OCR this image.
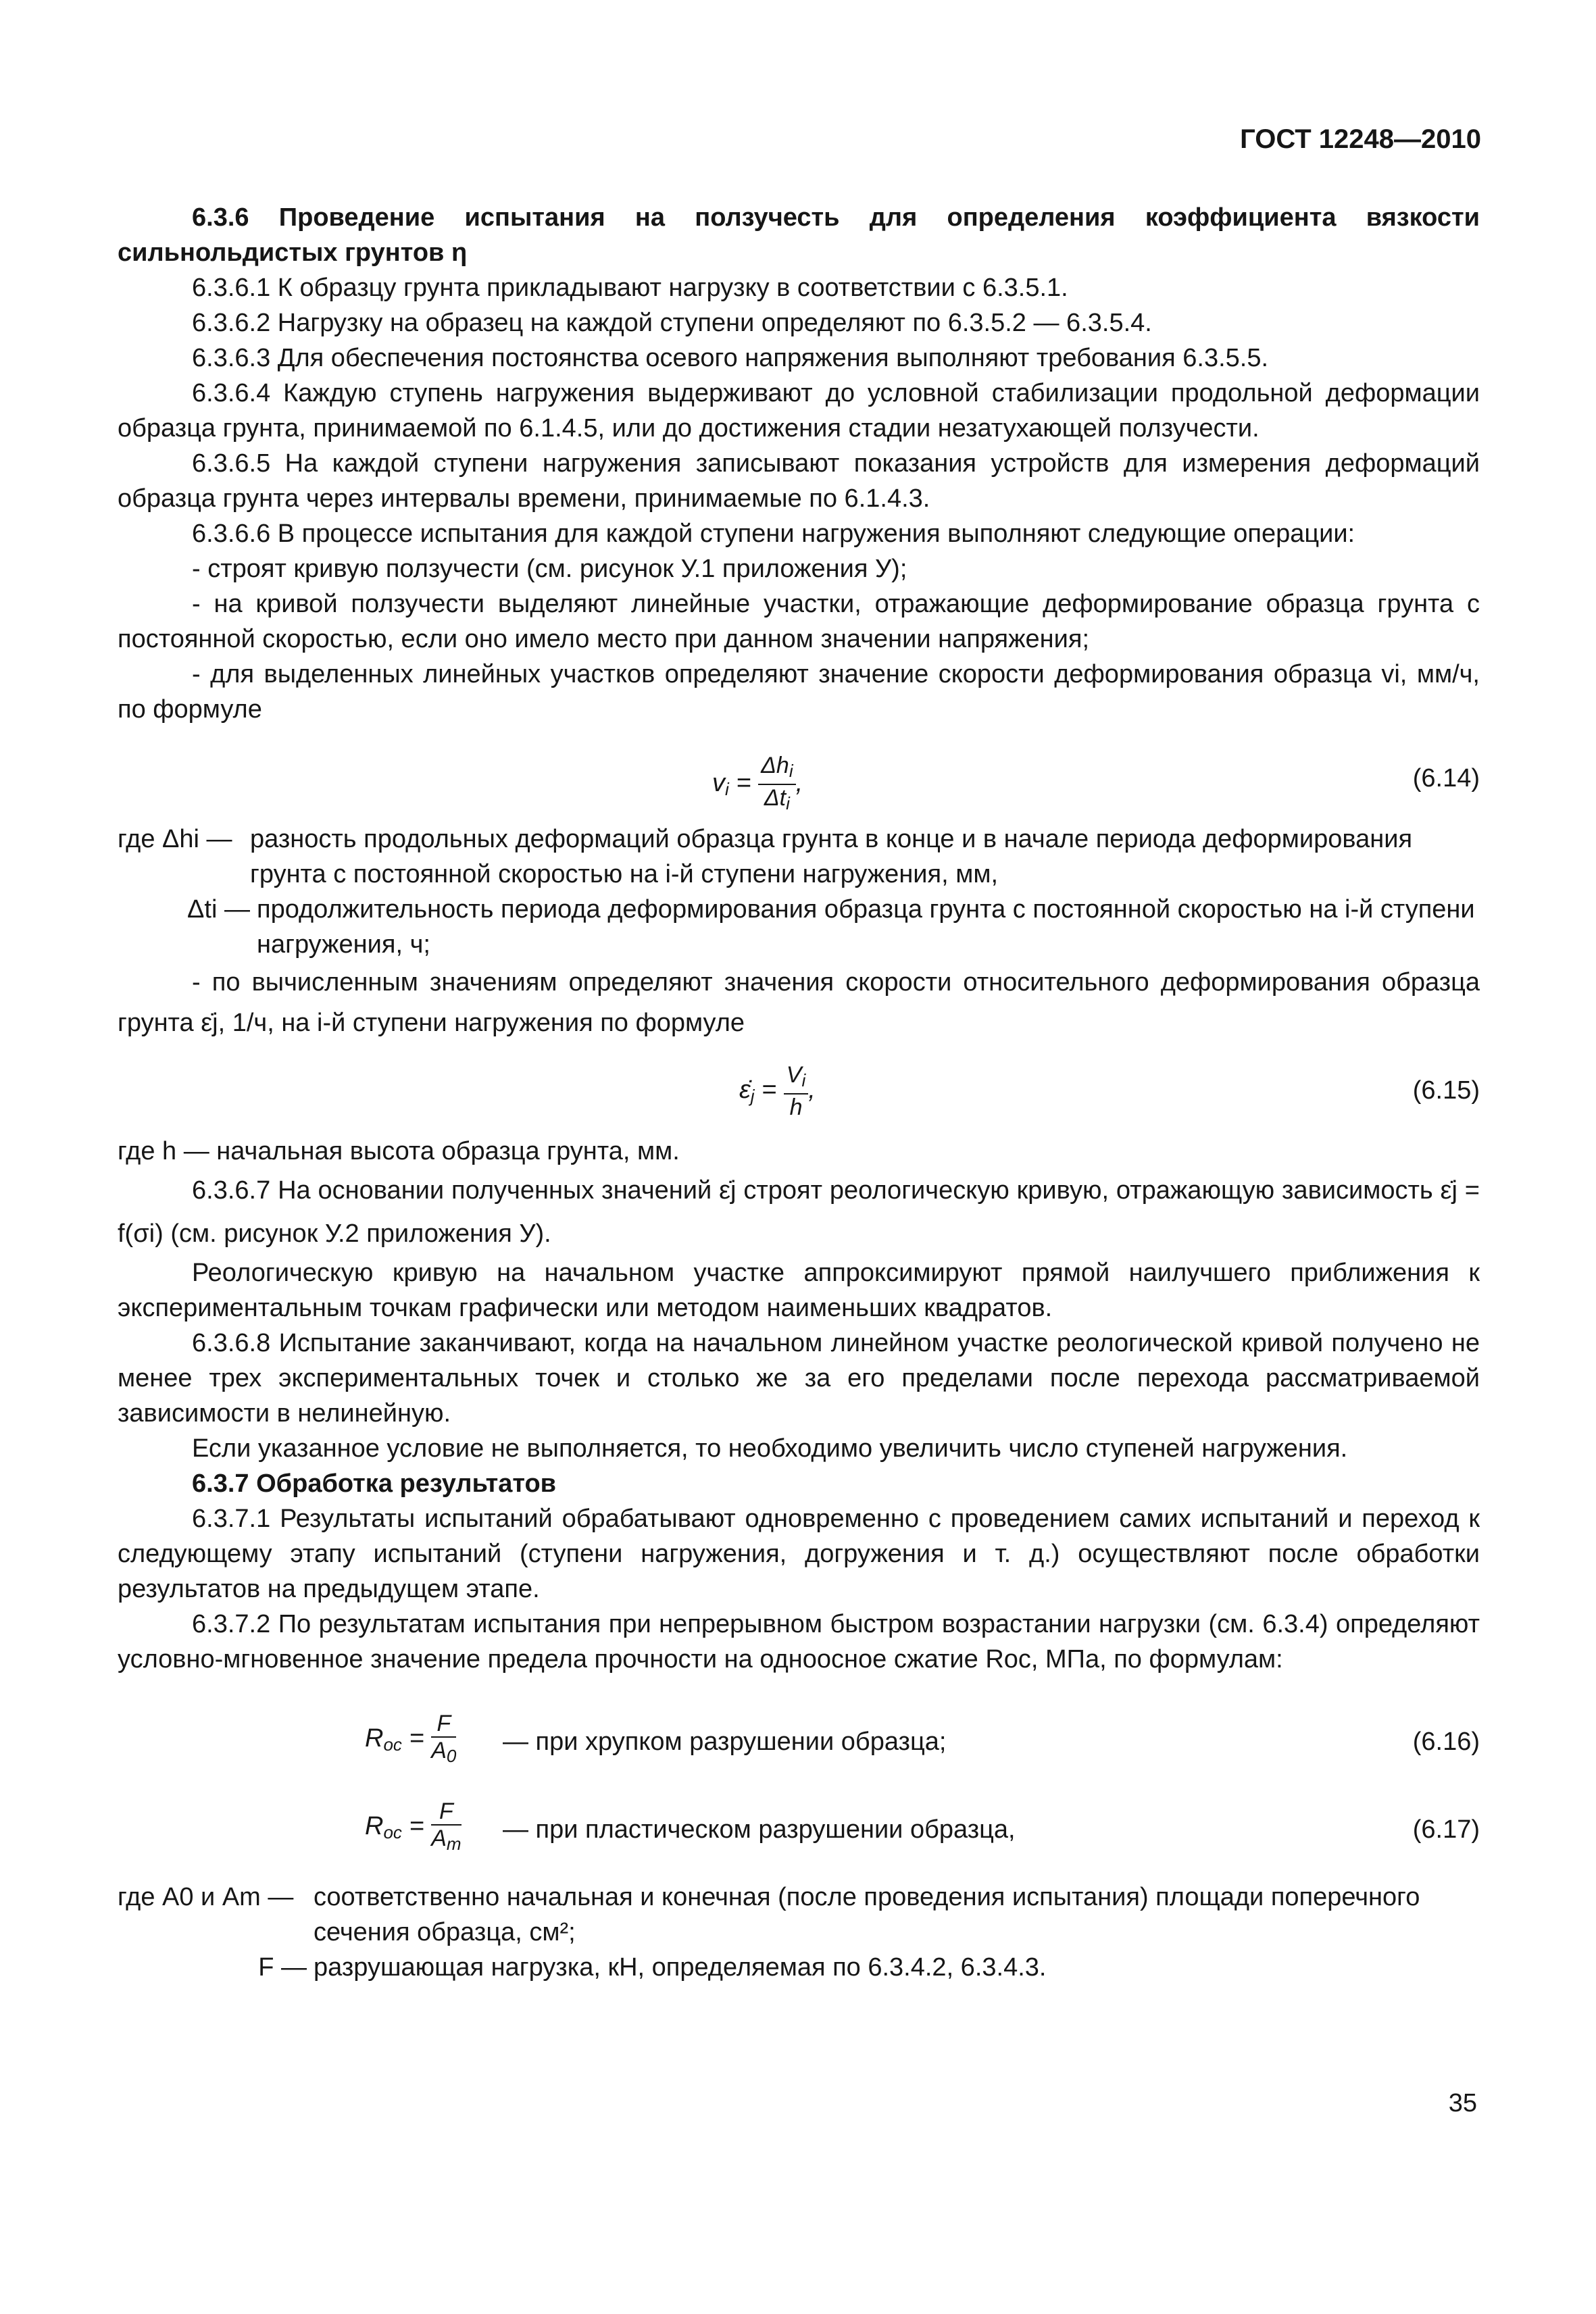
ГОСТ 12248—2010

6.3.6 Проведение испытания на ползучесть для определения коэффициента вязкости сильнольдистых грунтов η

6.3.6.1 К образцу грунта прикладывают нагрузку в соответствии с 6.3.5.1.

6.3.6.2 Нагрузку на образец на каждой ступени определяют по 6.3.5.2 — 6.3.5.4.

6.3.6.3 Для обеспечения постоянства осевого напряжения выполняют требования 6.3.5.5.

6.3.6.4 Каждую ступень нагружения выдерживают до условной стабилизации продольной деформации образца грунта, принимаемой по 6.1.4.5, или до достижения стадии незатухающей ползучести.

6.3.6.5 На каждой ступени нагружения записывают показания устройств для измерения деформаций образца грунта через интервалы времени, принимаемые по 6.1.4.3.

6.3.6.6 В процессе испытания для каждой ступени нагружения выполняют следующие операции:

- строят кривую ползучести (см. рисунок У.1 приложения У);

- на кривой ползучести выделяют линейные участки, отражающие деформирование образца грунта с постоянной скоростью, если оно имело место при данном значении напряжения;

- для выделенных линейных участков определяют значение скорости деформирования образца vi, мм/ч, по формуле

$v_i = \frac{\Delta h_i}{\Delta t_i}$ ,	(6.14)
где Δhi — разность продольных деформаций образца грунта в конце и в начале периода деформирования грунта с постоянной скоростью на i-й ступени нагружения, мм,
Δti — продолжительность периода деформирования образца грунта с постоянной скоростью на i-й ступени нагружения, ч;

- по вычисленным значениям определяют значения скорости относительного деформирования образца грунта ε̇j, 1/ч, на i-й ступени нагружения по формуле

$\varepsiloṅ_j = \frac{V_i}{h}$ ,	(6.15)

где h — начальная высота образца грунта, мм.

6.3.6.7 На основании полученных значений ε̇j строят реологическую кривую, отражающую зависимость ε̇j = f(σi) (см. рисунок У.2 приложения У).

Реологическую кривую на начальном участке аппроксимируют прямой наилучшего приближения к экспериментальным точкам графически или методом наименьших квадратов.

6.3.6.8 Испытание заканчивают, когда на начальном линейном участке реологической кривой получено не менее трех экспериментальных точек и столько же за его пределами после перехода рассматриваемой зависимости в нелинейную.

Если указанное условие не выполняется, то необходимо увеличить число ступеней нагружения.

6.3.7 Обработка результатов

6.3.7.1 Результаты испытаний обрабатывают одновременно с проведением самих испытаний и переход к следующему этапу испытаний (ступени нагружения, догружения и т. д.) осуществляют после обработки результатов на предыдущем этапе.

6.3.7.2 По результатам испытания при непрерывном быстром возрастании нагрузки (см. 6.3.4) определяют условно-мгновенное значение предела прочности на одноосное сжатие Roc, МПа, по формулам:

$R_{oc} = \frac{F}{A_0}$ — при хрупком разрушении образца;	(6.16)
$R_{oc} = \frac{F}{A_m}$ — при пластическом разрушении образца,	(6.17)
где A0 и Am — соответственно начальная и конечная (после проведения испытания) площади поперечного сечения образца, см²;
F — разрушающая нагрузка, кН, определяемая по 6.3.4.2, 6.3.4.3.
35
